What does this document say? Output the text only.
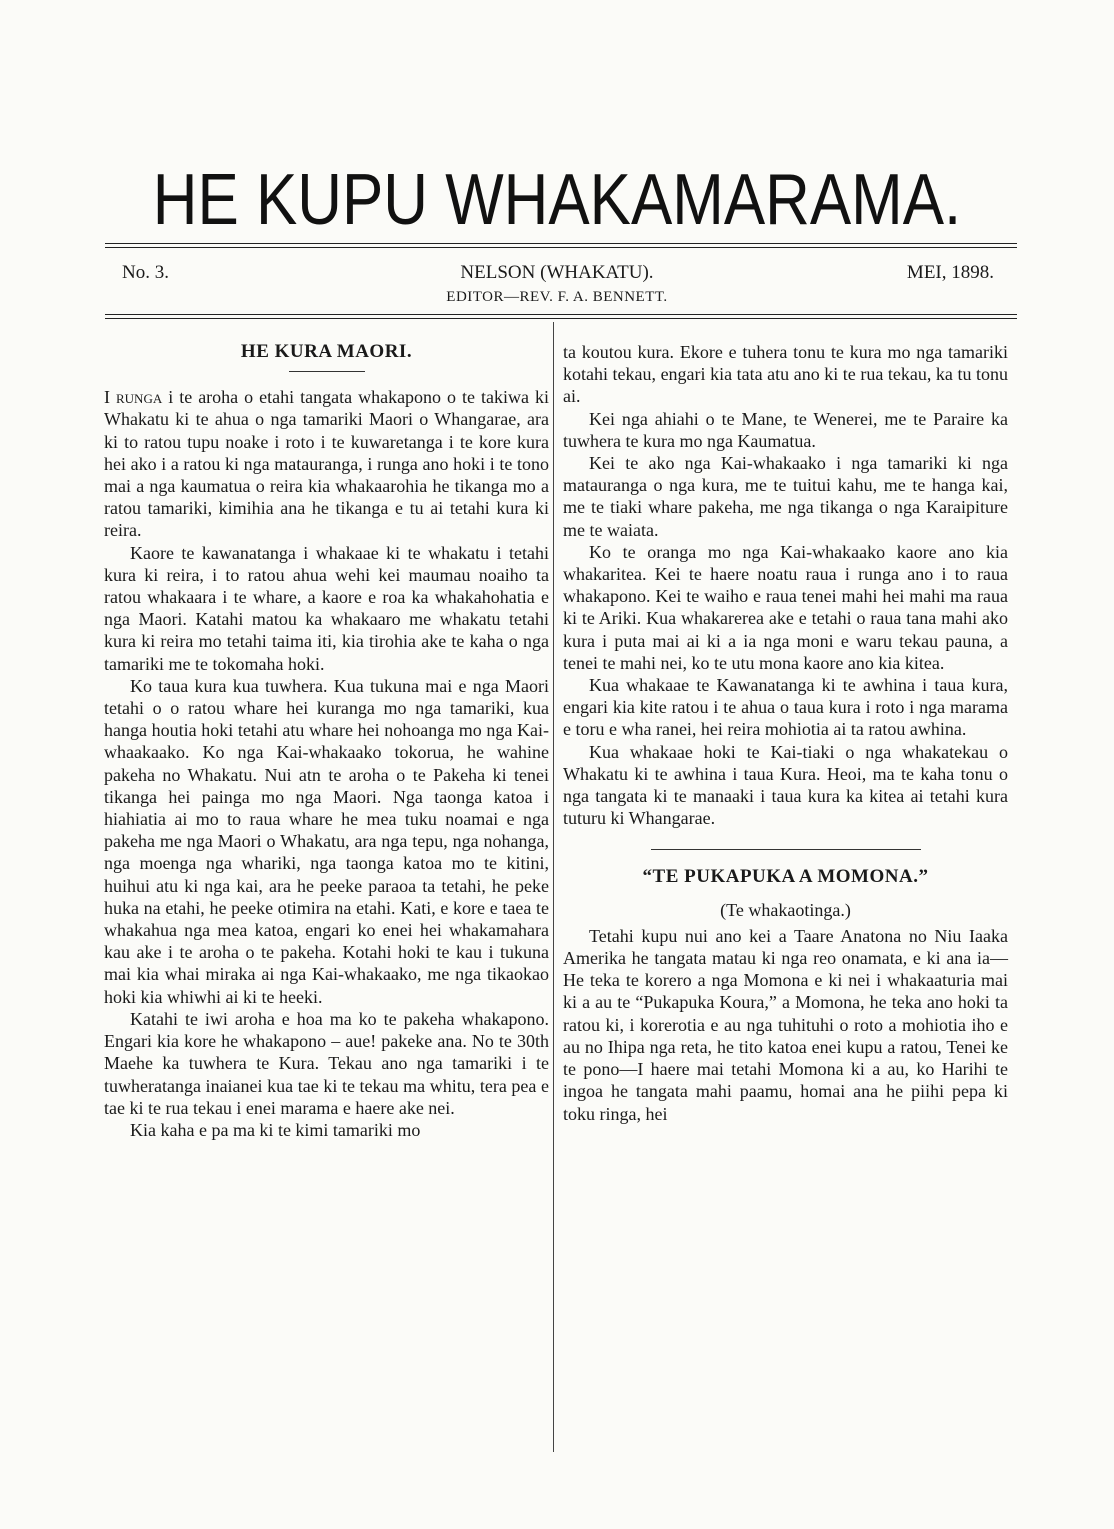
HE KUPU WHAKAMARAMA.
No. 3.	NELSON (WHAKATU).	MEI, 1898.
EDITOR—REV. F. A. BENNETT.
HE KURA MAORI.

I runga i te aroha o etahi tangata whakapono o te takiwa ki Whakatu ki te ahua o nga tamariki Maori o Whangarae, ara ki to ratou tupu noake i roto i te kuwaretanga i te kore kura hei ako i a ratou ki nga matauranga, i runga ano hoki i te tono mai a nga kaumatua o reira kia whakaarohia he tikanga mo a ratou tamariki, kimihia ana he tikanga e tu ai tetahi kura ki reira.

Kaore te kawanatanga i whakaae ki te whakatu i tetahi kura ki reira, i to ratou ahua wehi kei maumau noaiho ta ratou whakaara i te whare, a kaore e roa ka whakahohatia e nga Maori. Katahi matou ka whakaaro me whakatu tetahi kura ki reira mo tetahi taima iti, kia tirohia ake te kaha o nga tamariki me te tokomaha hoki.

Ko taua kura kua tuwhera. Kua tukuna mai e nga Maori tetahi o o ratou whare hei kuranga mo nga tamariki, kua hanga houtia hoki tetahi atu whare hei nohoanga mo nga Kai-whaakaako. Ko nga Kai-whakaako tokorua, he wahine pakeha no Whakatu. Nui atn te aroha o te Pakeha ki tenei tikanga hei painga mo nga Maori. Nga taonga katoa i hiahiatia ai mo to raua whare he mea tuku noamai e nga pakeha me nga Maori o Whakatu, ara nga tepu, nga nohanga, nga moenga nga whariki, nga taonga katoa mo te kitini, huihui atu ki nga kai, ara he peeke paraoa ta tetahi, he peke huka na etahi, he peeke otimira na etahi. Kati, e kore e taea te whakahua nga mea katoa, engari ko enei hei whakamahara kau ake i te aroha o te pakeha. Kotahi hoki te kau i tukuna mai kia whai miraka ai nga Kai-whakaako, me nga tikaokao hoki kia whiwhi ai ki te heeki.

Katahi te iwi aroha e hoa ma ko te pakeha whakapono. Engari kia kore he whakapono – aue! pakeke ana. No te 30th Maehe ka tuwhera te Kura. Tekau ano nga tamariki i te tuwheratanga inaianei kua tae ki te tekau ma whitu, tera pea e tae ki te rua tekau i enei marama e haere ake nei.

Kia kaha e pa ma ki te kimi tamariki mo

ta koutou kura. Ekore e tuhera tonu te kura mo nga tamariki kotahi tekau, engari kia tata atu ano ki te rua tekau, ka tu tonu ai.

Kei nga ahiahi o te Mane, te Wenerei, me te Paraire ka tuwhera te kura mo nga Kaumatua.

Kei te ako nga Kai-whakaako i nga tamariki ki nga matauranga o nga kura, me te tuitui kahu, me te hanga kai, me te tiaki whare pakeha, me nga tikanga o nga Karaipiture me te waiata.

Ko te oranga mo nga Kai-whakaako kaore ano kia whakaritea. Kei te haere noatu raua i runga ano i to raua whakapono. Kei te waiho e raua tenei mahi hei mahi ma raua ki te Ariki. Kua whakarerea ake e tetahi o raua tana mahi ako kura i puta mai ai ki a ia nga moni e waru tekau pauna, a tenei te mahi nei, ko te utu mona kaore ano kia kitea.

Kua whakaae te Kawanatanga ki te awhina i taua kura, engari kia kite ratou i te ahua o taua kura i roto i nga marama e toru e wha ranei, hei reira mohiotia ai ta ratou awhina.

Kua whakaae hoki te Kai-tiaki o nga whakatekau o Whakatu ki te awhina i taua Kura. Heoi, ma te kaha tonu o nga tangata ki te manaaki i taua kura ka kitea ai tetahi kura tuturu ki Whangarae.

“TE PUKAPUKA A MOMONA.”
(Te whakaotinga.)

Tetahi kupu nui ano kei a Taare Anatona no Niu Iaaka Amerika he tangata matau ki nga reo onamata, e ki ana ia—He teka te korero a nga Momona e ki nei i whakaaturia mai ki a au te “Pukapuka Koura,” a Momona, he teka ano hoki ta ratou ki, i korerotia e au nga tuhituhi o roto a mohiotia iho e au no Ihipa nga reta, he tito katoa enei kupu a ratou, Tenei ke te pono—I haere mai tetahi Momona ki a au, ko Harihi te ingoa he tangata mahi paamu, homai ana he piihi pepa ki toku ringa, hei
